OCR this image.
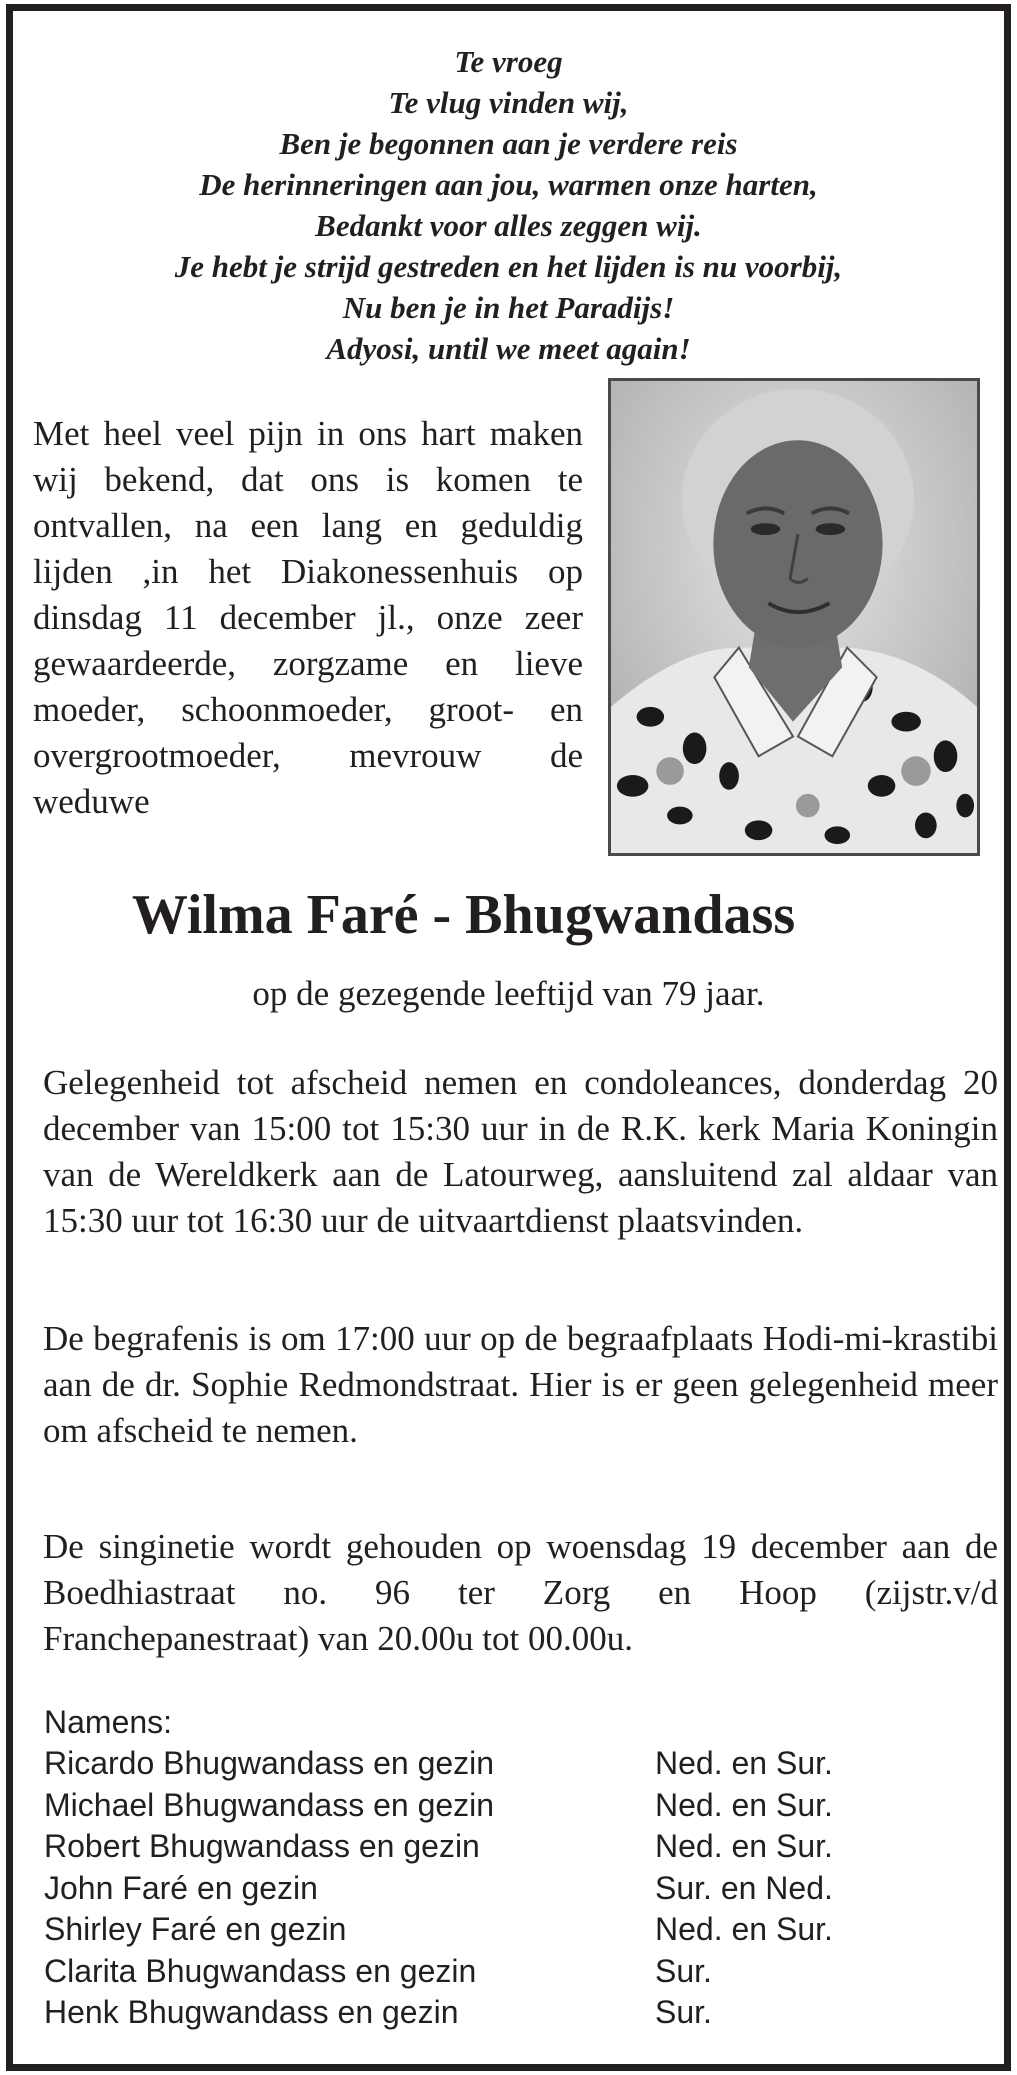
Te vroeg
Te vlug vinden wij,
Ben je begonnen aan je verdere reis
De herinneringen aan jou, warmen onze harten,
Bedankt voor alles zeggen wij.
Je hebt je strijd gestreden en het lijden is nu voorbij,
Nu ben je in het Paradijs!
Adyosi, until we meet again!

Met heel veel pijn in ons hart maken wij bekend, dat ons is komen te ontvallen, na een lang en geduldig lijden ,in het Diakonessenhuis op dinsdag 11 december jl., onze zeer gewaardeerde, zorgzame en lieve moeder, schoonmoeder, groot- en overgrootmoeder, mevrouw de weduwe

Wilma Faré - Bhugwandass

op de gezegende leeftijd van 79 jaar.

Gelegenheid tot afscheid nemen en condoleances, donderdag 20 december van 15:00 tot 15:30 uur in de R.K. kerk Maria Koningin van de Wereldkerk aan de Latourweg, aansluitend zal aldaar van 15:30 uur tot 16:30 uur de uitvaartdienst plaatsvinden.

De begrafenis is om 17:00 uur op de begraafplaats Hodi-mi-krastibi aan de dr. Sophie Redmondstraat. Hier is er geen gelegenheid meer om afscheid te nemen.

De singinetie wordt gehouden op woensdag 19 december aan de Boedhiastraat no. 96 ter Zorg en Hoop (zijstr.v/d Franchepanestraat) van 20.00u tot 00.00u.

Namens:

Ricardo Bhugwandass en gezin	Ned. en Sur.
Michael Bhugwandass en gezin	Ned. en Sur.
Robert Bhugwandass en gezin	Ned. en Sur.
John Faré en gezin	Sur. en Ned.
Shirley Faré en gezin	Ned. en Sur.
Clarita Bhugwandass en gezin	Sur.
Henk Bhugwandass en gezin	Sur.
